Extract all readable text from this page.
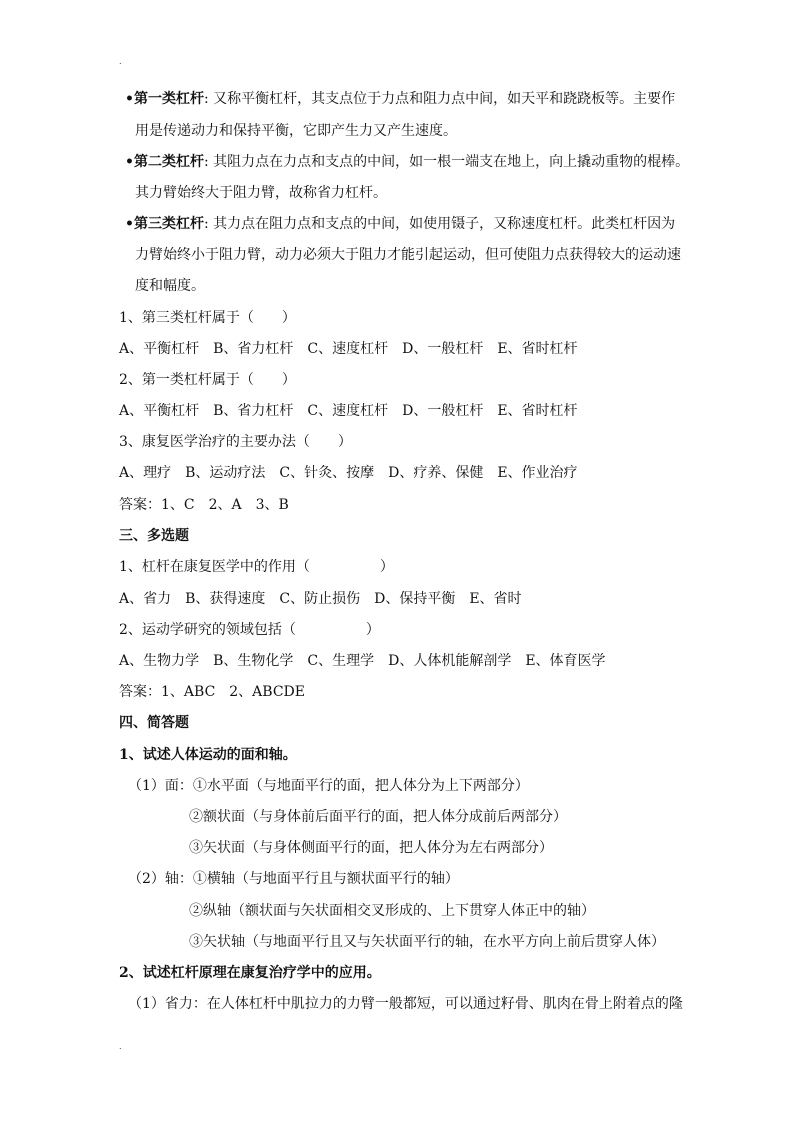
.
•第一类杠杆: 又称平衡杠杆，其支点位于力点和阻力点中间，如天平和跷跷板等。主要作
用是传递动力和保持平衡，它即产生力又产生速度。
•第二类杠杆: 其阻力点在力点和支点的中间，如一根一端支在地上，向上撬动重物的棍棒。
其力臂始终大于阻力臂，故称省力杠杆。
•第三类杠杆: 其力点在阻力点和支点的中间，如使用镊子，又称速度杠杆。此类杠杆因为
力臂始终小于阻力臂，动力必须大于阻力才能引起运动，但可使阻力点获得较大的运动速
度和幅度。
1、第三类杠杆属于（　　）
A、平衡杠杆　B、省力杠杆　C、速度杠杆　D、一般杠杆　E、省时杠杆
2、第一类杠杆属于（　　）
A、平衡杠杆　B、省力杠杆　C、速度杠杆　D、一般杠杆　E、省时杠杆
3、康复医学治疗的主要办法（　　）
A、理疗　B、运动疗法　C、针灸、按摩　D、疗养、保健　E、作业治疗
答案：1、C　2、A　3、B
三、多选题
1、杠杆在康复医学中的作用（　　　　　）
A、省力　B、获得速度　C、防止损伤　D、保持平衡　E、省时
2、运动学研究的领域包括（　　　　　）
A、生物力学　B、生物化学　C、生理学　D、人体机能解剖学　E、体育医学
答案：1、ABC　2、ABCDE
四、简答题
1、试述人体运动的面和轴。
（1）面：①水平面（与地面平行的面，把人体分为上下两部分）
②额状面（与身体前后面平行的面，把人体分成前后两部分）
③矢状面（与身体侧面平行的面，把人体分为左右两部分）
（2）轴：①横轴（与地面平行且与额状面平行的轴）
②纵轴（额状面与矢状面相交叉形成的、上下贯穿人体正中的轴）
③矢状轴（与地面平行且又与矢状面平行的轴，在水平方向上前后贯穿人体）
2、试述杠杆原理在康复治疗学中的应用。
（1）省力：在人体杠杆中肌拉力的力臂一般都短，可以通过籽骨、肌肉在骨上附着点的隆
.
